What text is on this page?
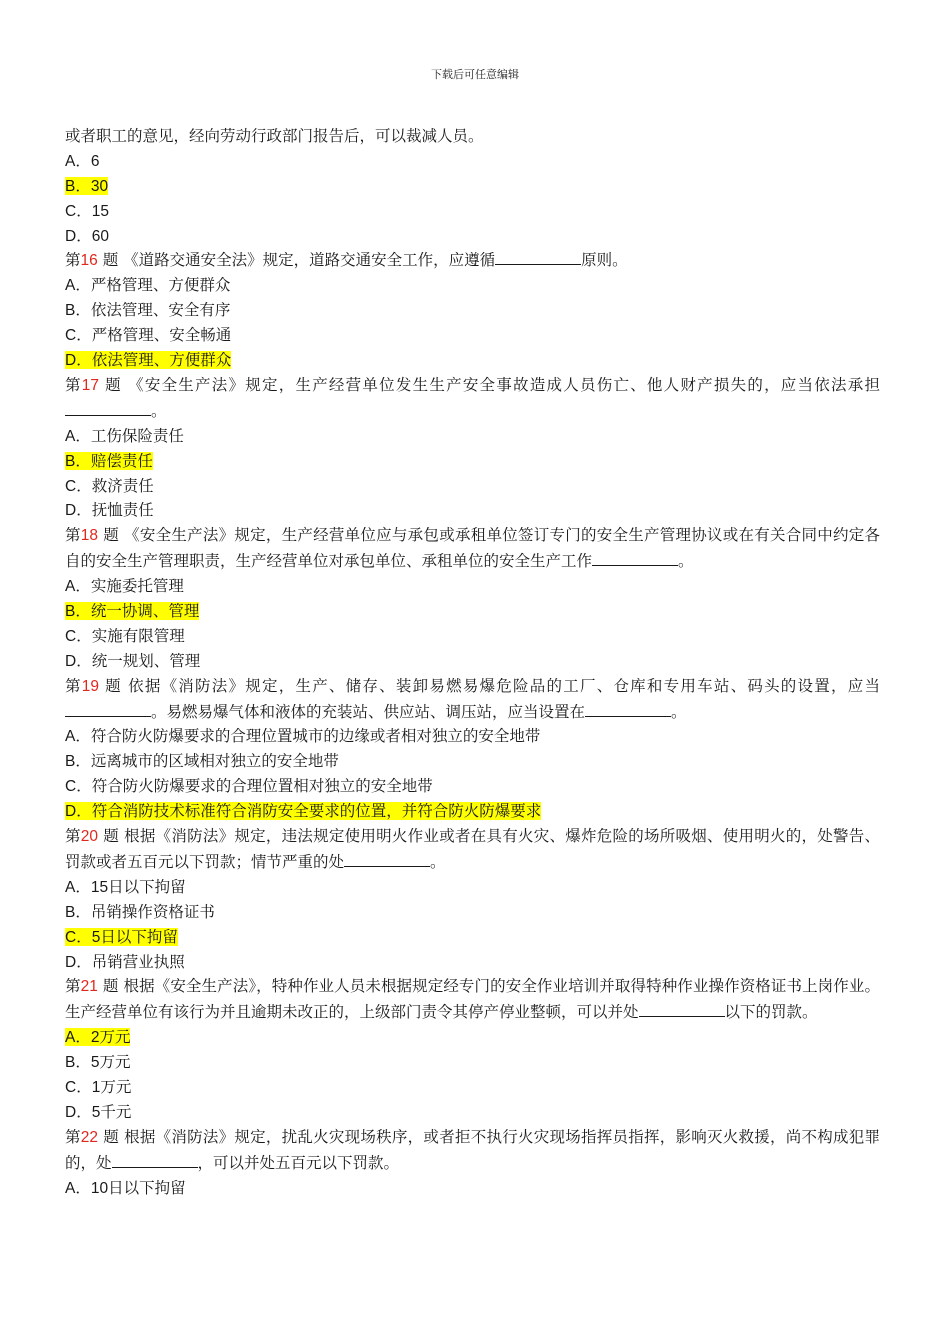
下载后可任意编辑
或者职工的意见，经向劳动行政部门报告后，可以裁减人员。
A．6
B．30
C．15
D．60
第16 题 《道路交通安全法》规定，道路交通安全工作，应遵循	原则。
A．严格管理、方便群众
B．依法管理、安全有序
C．严格管理、安全畅通
D．依法管理、方便群众
第17 题 《安全生产法》规定，生产经营单位发生生产安全事故造成人员伤亡、他人财产损失的，应当依法承担。
A．工伤保险责任
B．赔偿责任
C．救济责任
D．抚恤责任
第18 题 《安全生产法》规定，生产经营单位应与承包或承租单位签订专门的安全生产管理协议或在有关合同中约定各自的安全生产管理职责，生产经营单位对承包单位、承租单位的安全生产工作	。
A．实施委托管理
B．统一协调、管理
C．实施有限管理
D．统一规划、管理
第19 题 依据《消防法》规定，生产、储存、装卸易燃易爆危险品的工厂、仓库和专用车站、码头的设置，应当。易燃易爆气体和液体的充装站、供应站、调压站，应当设置在	。
A．符合防火防爆要求的合理位置城市的边缘或者相对独立的安全地带
B．远离城市的区域相对独立的安全地带
C．符合防火防爆要求的合理位置相对独立的安全地带
D．符合消防技术标准符合消防安全要求的位置，并符合防火防爆要求
第20 题 根据《消防法》规定，违法规定使用明火作业或者在具有火灾、爆炸危险的场所吸烟、使用明火的，处警告、罚款或者五百元以下罚款；情节严重的处	。
A．15日以下拘留
B．吊销操作资格证书
C．5日以下拘留
D．吊销营业执照
第21 题 根据《安全生产法》，特种作业人员未根据规定经专门的安全作业培训并取得特种作业操作资格证书上岗作业。生产经营单位有该行为并且逾期未改正的，上级部门责令其停产停业整顿，可以并处	以下的罚款。
A．2万元
B．5万元
C．1万元
D．5千元
第22 题 根据《消防法》规定，扰乱火灾现场秩序，或者拒不执行火灾现场指挥员指挥，影响灭火救援，尚不构成犯罪的，处	，可以并处五百元以下罚款。
A．10日以下拘留
